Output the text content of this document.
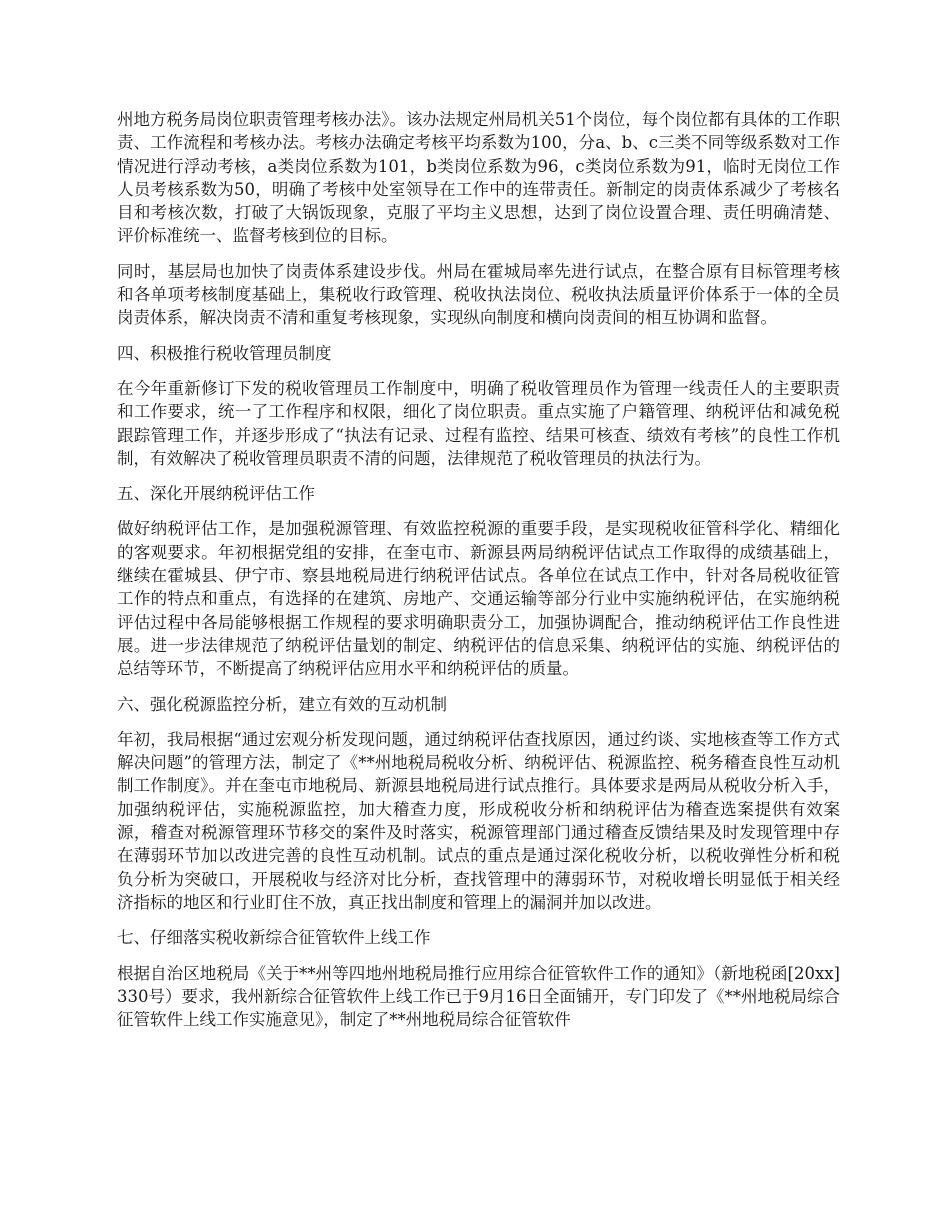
州地方税务局岗位职责管理考核办法》。该办法规定州局机关51个岗位，每个岗位都有具体的工作职责、工作流程和考核办法。考核办法确定考核平均系数为100，分a、b、c三类不同等级系数对工作情况进行浮动考核，a类岗位系数为101，b类岗位系数为96，c类岗位系数为91，临时无岗位工作人员考核系数为50，明确了考核中处室领导在工作中的连带责任。新制定的岗责体系减少了考核名目和考核次数，打破了大锅饭现象，克服了平均主义思想，达到了岗位设置合理、责任明确清楚、评价标准统一、监督考核到位的目标。

同时，基层局也加快了岗责体系建设步伐。州局在霍城局率先进行试点，在整合原有目标管理考核和各单项考核制度基础上，集税收行政管理、税收执法岗位、税收执法质量评价体系于一体的全员岗责体系，解决岗责不清和重复考核现象，实现纵向制度和横向岗责间的相互协调和监督。

四、积极推行税收管理员制度

在今年重新修订下发的税收管理员工作制度中，明确了税收管理员作为管理一线责任人的主要职责和工作要求，统一了工作程序和权限，细化了岗位职责。重点实施了户籍管理、纳税评估和减免税跟踪管理工作，并逐步形成了“执法有记录、过程有监控、结果可核查、绩效有考核”的良性工作机制，有效解决了税收管理员职责不清的问题，法律规范了税收管理员的执法行为。

五、深化开展纳税评估工作

做好纳税评估工作，是加强税源管理、有效监控税源的重要手段，是实现税收征管科学化、精细化的客观要求。年初根据党组的安排，在奎屯市、新源县两局纳税评估试点工作取得的成绩基础上，继续在霍城县、伊宁市、察县地税局进行纳税评估试点。各单位在试点工作中，针对各局税收征管工作的特点和重点，有选择的在建筑、房地产、交通运输等部分行业中实施纳税评估，在实施纳税评估过程中各局能够根据工作规程的要求明确职责分工，加强协调配合，推动纳税评估工作良性进展。进一步法律规范了纳税评估量划的制定、纳税评估的信息采集、纳税评估的实施、纳税评估的总结等环节，不断提高了纳税评估应用水平和纳税评估的质量。

六、强化税源监控分析，建立有效的互动机制

年初，我局根据“通过宏观分析发现问题，通过纳税评估查找原因，通过约谈、实地核查等工作方式解决问题”的管理方法，制定了《**州地税局税收分析、纳税评估、税源监控、税务稽查良性互动机制工作制度》。并在奎屯市地税局、新源县地税局进行试点推行。具体要求是两局从税收分析入手，加强纳税评估，实施税源监控，加大稽查力度，形成税收分析和纳税评估为稽查选案提供有效案源，稽查对税源管理环节移交的案件及时落实，税源管理部门通过稽查反馈结果及时发现管理中存在薄弱环节加以改进完善的良性互动机制。试点的重点是通过深化税收分析，以税收弹性分析和税负分析为突破口，开展税收与经济对比分析，查找管理中的薄弱环节，对税收增长明显低于相关经济指标的地区和行业盯住不放，真正找出制度和管理上的漏洞并加以改进。

七、仔细落实税收新综合征管软件上线工作

根据自治区地税局《关于**州等四地州地税局推行应用综合征管软件工作的通知》（新地税函[20xx]330号）要求，我州新综合征管软件上线工作已于9月16日全面铺开，专门印发了《**州地税局综合征管软件上线工作实施意见》，制定了**州地税局综合征管软件
